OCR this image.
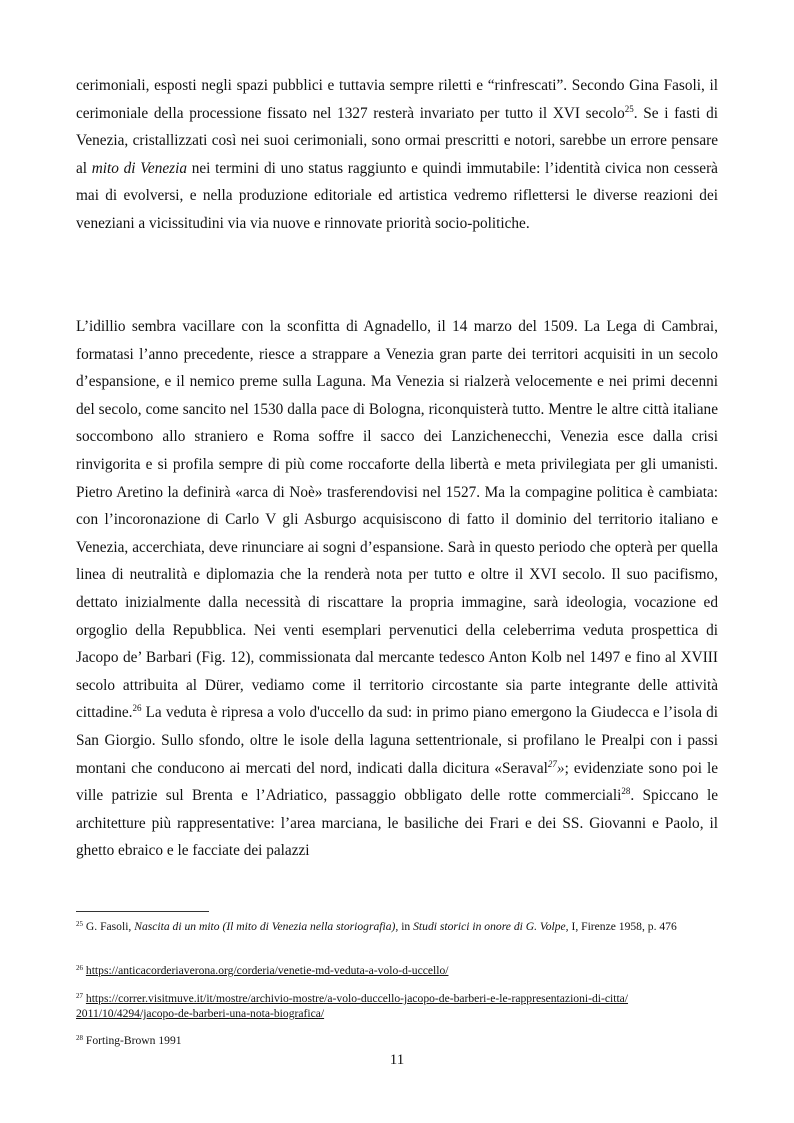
cerimoniali, esposti negli spazi pubblici e tuttavia sempre riletti e “rinfrescati”. Secondo Gina Fasoli, il cerimoniale della processione fissato nel 1327 resterà invariato per tutto il XVI secolo$^{25}$. Se i fasti di Venezia, cristallizzati così nei suoi cerimoniali, sono ormai prescritti e notori, sarebbe un errore pensare al mito di Venezia nei termini di uno status raggiunto e quindi immutabile: l’identità civica non cesserà mai di evolversi, e nella produzione editoriale ed artistica vedremo riflettersi le diverse reazioni dei veneziani a vicissitudini via via nuove e rinnovate priorità socio-politiche.

L’idillio sembra vacillare con la sconfitta di Agnadello, il 14 marzo del 1509. La Lega di Cambrai, formatasi l’anno precedente, riesce a strappare a Venezia gran parte dei territori acquisiti in un secolo d’espansione, e il nemico preme sulla Laguna. Ma Venezia si rialzerà velocemente e nei primi decenni del secolo, come sancito nel 1530 dalla pace di Bologna, riconquisterà tutto. Mentre le altre città italiane soccombono allo straniero e Roma soffre il sacco dei Lanzichenecchi, Venezia esce dalla crisi rinvigorita e si profila sempre di più come roccaforte della libertà e meta privilegiata per gli umanisti. Pietro Aretino la definirà «arca di Noè» trasferendovisi nel 1527. Ma la compagine politica è cambiata: con l’incoronazione di Carlo V gli Asburgo acquisiscono di fatto il dominio del territorio italiano e Venezia, accerchiata, deve rinunciare ai sogni d’espansione. Sarà in questo periodo che opterà per quella linea di neutralità e diplomazia che la renderà nota per tutto e oltre il XVI secolo. Il suo pacifismo, dettato inizialmente dalla necessità di riscattare la propria immagine, sarà ideologia, vocazione ed orgoglio della Repubblica. Nei venti esemplari pervenutici della celeberrima veduta prospettica di Jacopo de’ Barbari (Fig. 12), commissionata dal mercante tedesco Anton Kolb nel 1497 e fino al XVIII secolo attribuita al Dürer, vediamo come il territorio circostante sia parte integrante delle attività cittadine.$^{26}$ La veduta è ripresa a volo d'uccello da sud: in primo piano emergono la Giudecca e l’isola di San Giorgio. Sullo sfondo, oltre le isole della laguna settentrionale, si profilano le Prealpi con i passi montani che conducono ai mercati del nord, indicati dalla dicitura «Seraval$^{27}$»; evidenziate sono poi le ville patrizie sul Brenta e l’Adriatico, passaggio obbligato delle rotte commerciali$^{28}$. Spiccano le architetture più rappresentative: l’area marciana, le basiliche dei Frari e dei SS. Giovanni e Paolo, il ghetto ebraico e le facciate dei palazzi

$^{25}$ G. Fasoli, Nascita di un mito (Il mito di Venezia nella storiografia), in Studi storici in onore di G. Volpe, I, Firenze 1958, p. 476

$^{26}$ https://anticacorderiaverona.org/corderia/venetie-md-veduta-a-volo-d-uccello/

$^{27}$ https://correr.visitmuve.it/it/mostre/archivio-mostre/a-volo-duccello-jacopo-de-barberi-e-le-rappresentazioni-di-citta/
2011/10/4294/jacopo-de-barberi-una-nota-biografica/

$^{28}$ Forting-Brown 1991

11
